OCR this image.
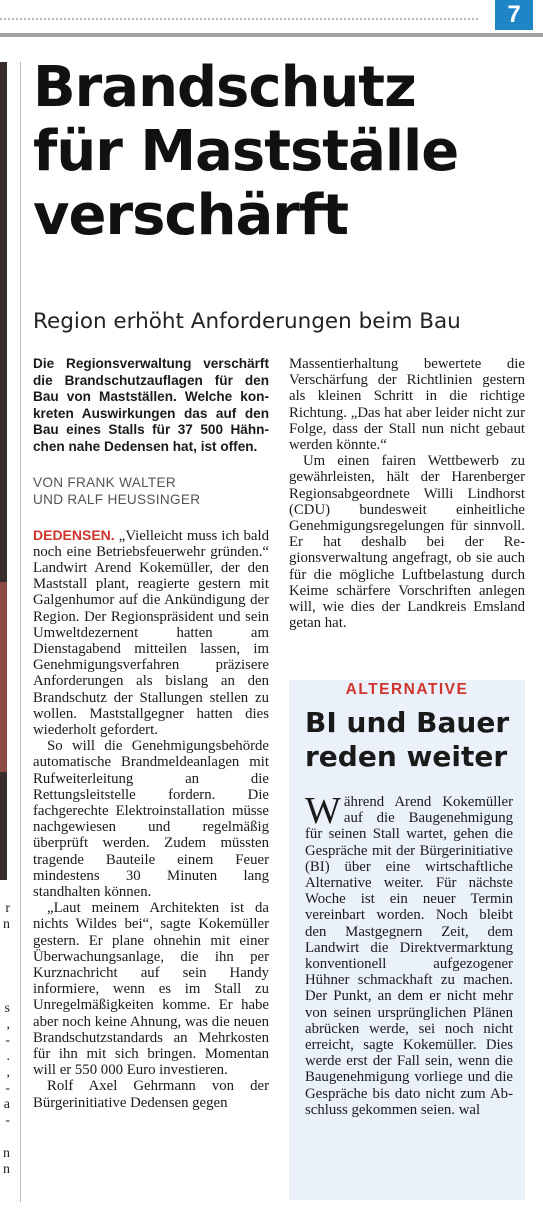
7
r
n
s
,
-
.
,
-
a
-
n
n
Brandschutz
für Mastställe
verschärft
Region erhöht Anforderungen beim Bau

Die Regionsverwaltung verschärft die Brandschutzauflagen für den Bau von Mastställen. Welche konkreten Auswirkungen das auf den Bau eines Stalls für 37 500 Hähnchen nahe Dedensen hat, ist offen.

VON FRANK WALTER
UND RALF HEUSSINGER

DEDENSEN. „Vielleicht muss ich bald noch eine Betriebsfeuerwehr gründen.“ Landwirt Arend Kokemüller, der den Maststall plant, reagierte gestern mit Galgenhumor auf die Ankündigung der Region. Der Regionspräsident und sein Umweltdezernent hatten am Dienstagabend mitteilen lassen, im Genehmigungsverfahren präzisere Anforderungen als bislang an den Brandschutz der Stallungen stellen zu wollen. Maststallgegner hatten dies wiederholt gefordert.

So will die Genehmigungsbehörde automatische Brandmeldeanlagen mit Rufweiterleitung an die Rettungsleitstelle fordern. Die fachgerechte Elektroinstallation müsse nachgewiesen und regelmäßig überprüft werden. Zudem müssten tragende Bauteile einem Feuer mindestens 30 Minuten lang standhalten können.

„Laut meinem Architekten ist da nichts Wildes bei“, sagte Kokemüller gestern. Er plane ohnehin mit einer Überwachungsanlage, die ihn per Kurznachricht auf sein Handy informiere, wenn es im Stall zu Unregelmäßigkeiten komme. Er habe aber noch keine Ahnung, was die neuen Brandschutzstandards an Mehrkosten für ihn mit sich bringen. Momentan will er 550 000 Euro investieren.

Rolf Axel Gehrmann von der Bürgerinitiative Dedensen gegen

Massentierhaltung bewertete die Verschärfung der Richtlinien gestern als kleinen Schritt in die richtige Richtung. „Das hat aber leider nicht zur Folge, dass der Stall nun nicht gebaut werden könnte.“

Um einen fairen Wettbewerb zu gewährleisten, hält der Harenberger Regionsabgeordnete Willi Lindhorst (CDU) bundesweit einheitliche Genehmigungsregelungen für sinnvoll. Er hat deshalb bei der Regionsverwaltung angefragt, ob sie auch für die mögliche Luftbelastung durch Keime schärfere Vorschriften anlegen will, wie dies der Landkreis Emsland getan hat.

ALTERNATIVE
BI und Bauer
reden weiter

Während Arend Kokemüller auf die Baugenehmigung für seinen Stall wartet, gehen die Gespräche mit der Bürgerinitiative (BI) über eine wirtschaftliche Alternative weiter. Für nächste Woche ist ein neuer Termin vereinbart worden. Noch bleibt den Mastgegnern Zeit, dem Landwirt die Direktvermarktung konventionell aufgezogener Hühner schmackhaft zu machen. Der Punkt, an dem er nicht mehr von seinen ursprünglichen Plänen abrücken werde, sei noch nicht erreicht, sagte Kokemüller. Dies werde erst der Fall sein, wenn die Baugenehmigung vorliege und die Gespräche bis dato nicht zum Abschluss gekommen seien. wal
